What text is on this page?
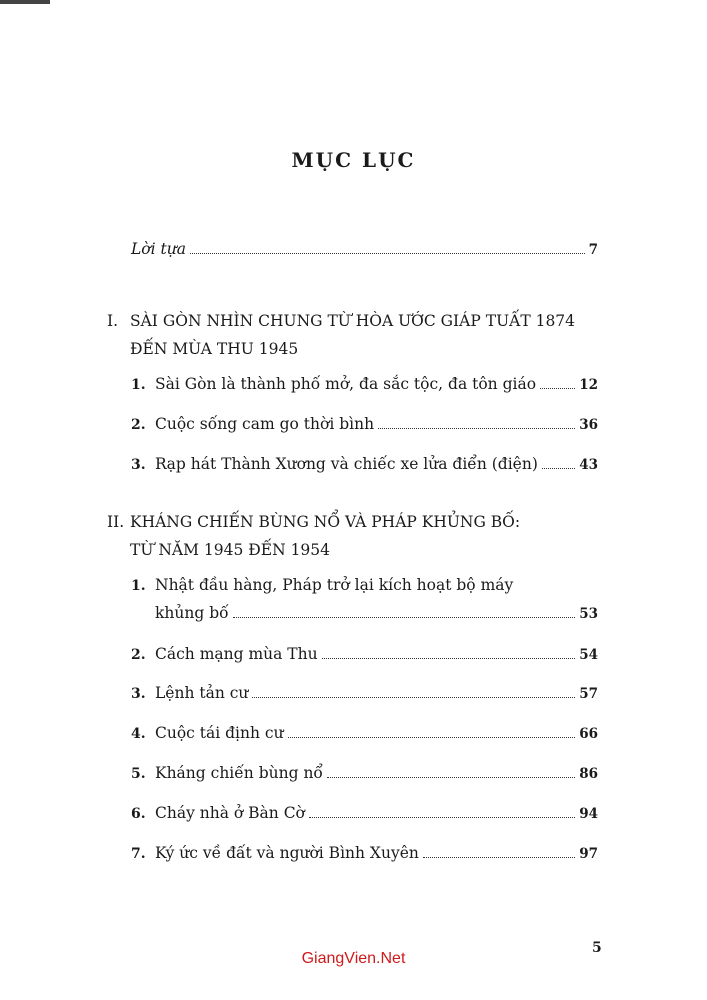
MỤC LỤC
Lời tựa	7
I. SÀI GÒN NHÌN CHUNG TỪ HÒA ƯỚC GIÁP TUẤT 1874
ĐẾN MÙA THU 1945
1. Sài Gòn là thành phố mở, đa sắc tộc, đa tôn giáo	12
2. Cuộc sống cam go thời bình	36
3. Rạp hát Thành Xương và chiếc xe lửa điển (điện)	43
II. KHÁNG CHIẾN BÙNG NỔ VÀ PHÁP KHỦNG BỐ:
TỪ NĂM 1945 ĐẾN 1954
1. Nhật đầu hàng, Pháp trở lại kích hoạt bộ máy
khủng bố	53
2. Cách mạng mùa Thu	54
3. Lệnh tản cư	57
4. Cuộc tái định cư	66
5. Kháng chiến bùng nổ	86
6. Cháy nhà ở Bàn Cờ	94
7. Ký ức về đất và người Bình Xuyên	97
5
GiangVien.Net
